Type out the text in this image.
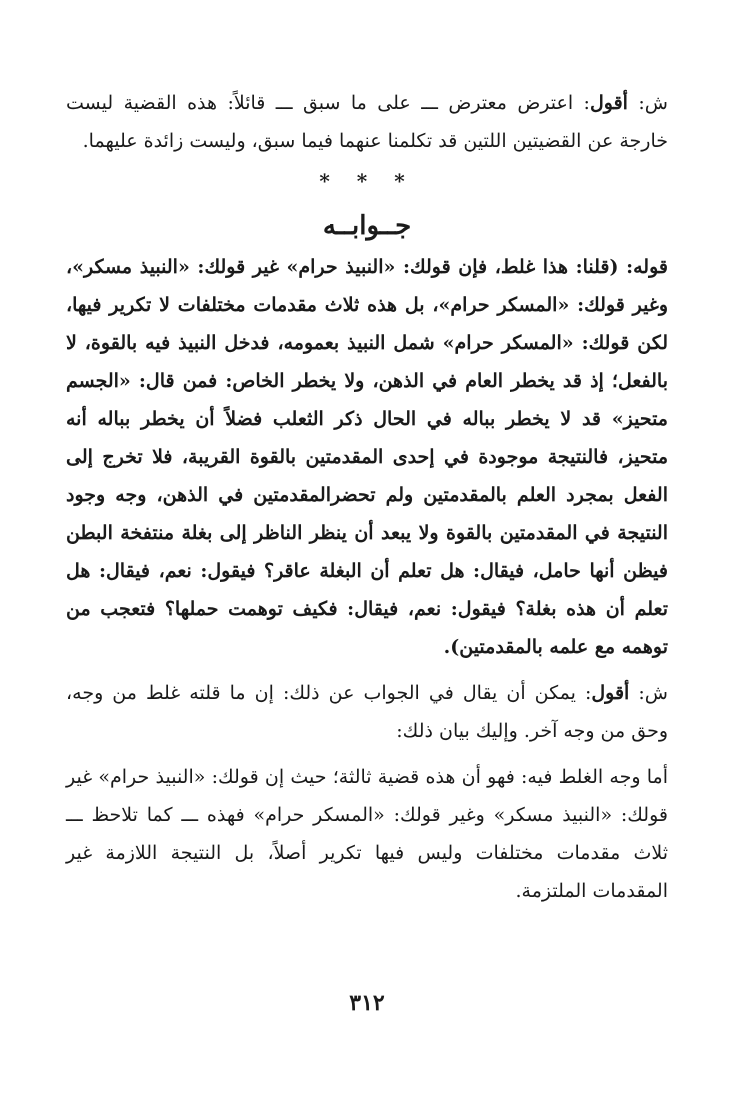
ش: أقول: اعترض معترض ـــ على ما سبق ـــ قائلاً: هذه القضية ليست خارجة عن القضيتين اللتين قد تكلمنا عنهما فيما سبق، وليست زائدة عليهما.

* * *
جــوابــه

قوله: (قلنا: هذا غلط، فإن قولك: «النبيذ حرام» غير قولك: «النبيذ مسكر»، وغير قولك: «المسكر حرام»، بل هذه ثلاث مقدمات مختلفات لا تكرير فيها، لكن قولك: «المسكر حرام» شمل النبيذ بعمومه، فدخل النبيذ فيه بالقوة، لا بالفعل؛ إذ قد يخطر العام في الذهن، ولا يخطر الخاص: فمن قال: «الجسم متحيز» قد لا يخطر بباله في الحال ذكر الثعلب فضلاً أن يخطر بباله أنه متحيز، فالنتيجة موجودة في إحدى المقدمتين بالقوة القريبة، فلا تخرج إلى الفعل بمجرد العلم بالمقدمتين ولم تحضرالمقدمتين في الذهن، وجه وجود النتيجة في المقدمتين بالقوة ولا يبعد أن ينظر الناظر إلى بغلة منتفخة البطن فيظن أنها حامل، فيقال: هل تعلم أن البغلة عاقر؟ فيقول: نعم، فيقال: هل تعلم أن هذه بغلة؟ فيقول: نعم، فيقال: فكيف توهمت حملها؟ فتعجب من توهمه مع علمه بالمقدمتين).

ش: أقول: يمكن أن يقال في الجواب عن ذلك: إن ما قلته غلط من وجه، وحق من وجه آخر. وإليك بيان ذلك:

أما وجه الغلط فيه: فهو أن هذه قضية ثالثة؛ حيث إن قولك: «النبيذ حرام» غير قولك: «النبيذ مسكر» وغير قولك: «المسكر حرام» فهذه ـــ كما تلاحظ ـــ ثلاث مقدمات مختلفات وليس فيها تكرير أصلاً، بل النتيجة اللازمة غير المقدمات الملتزمة.

٣١٢
